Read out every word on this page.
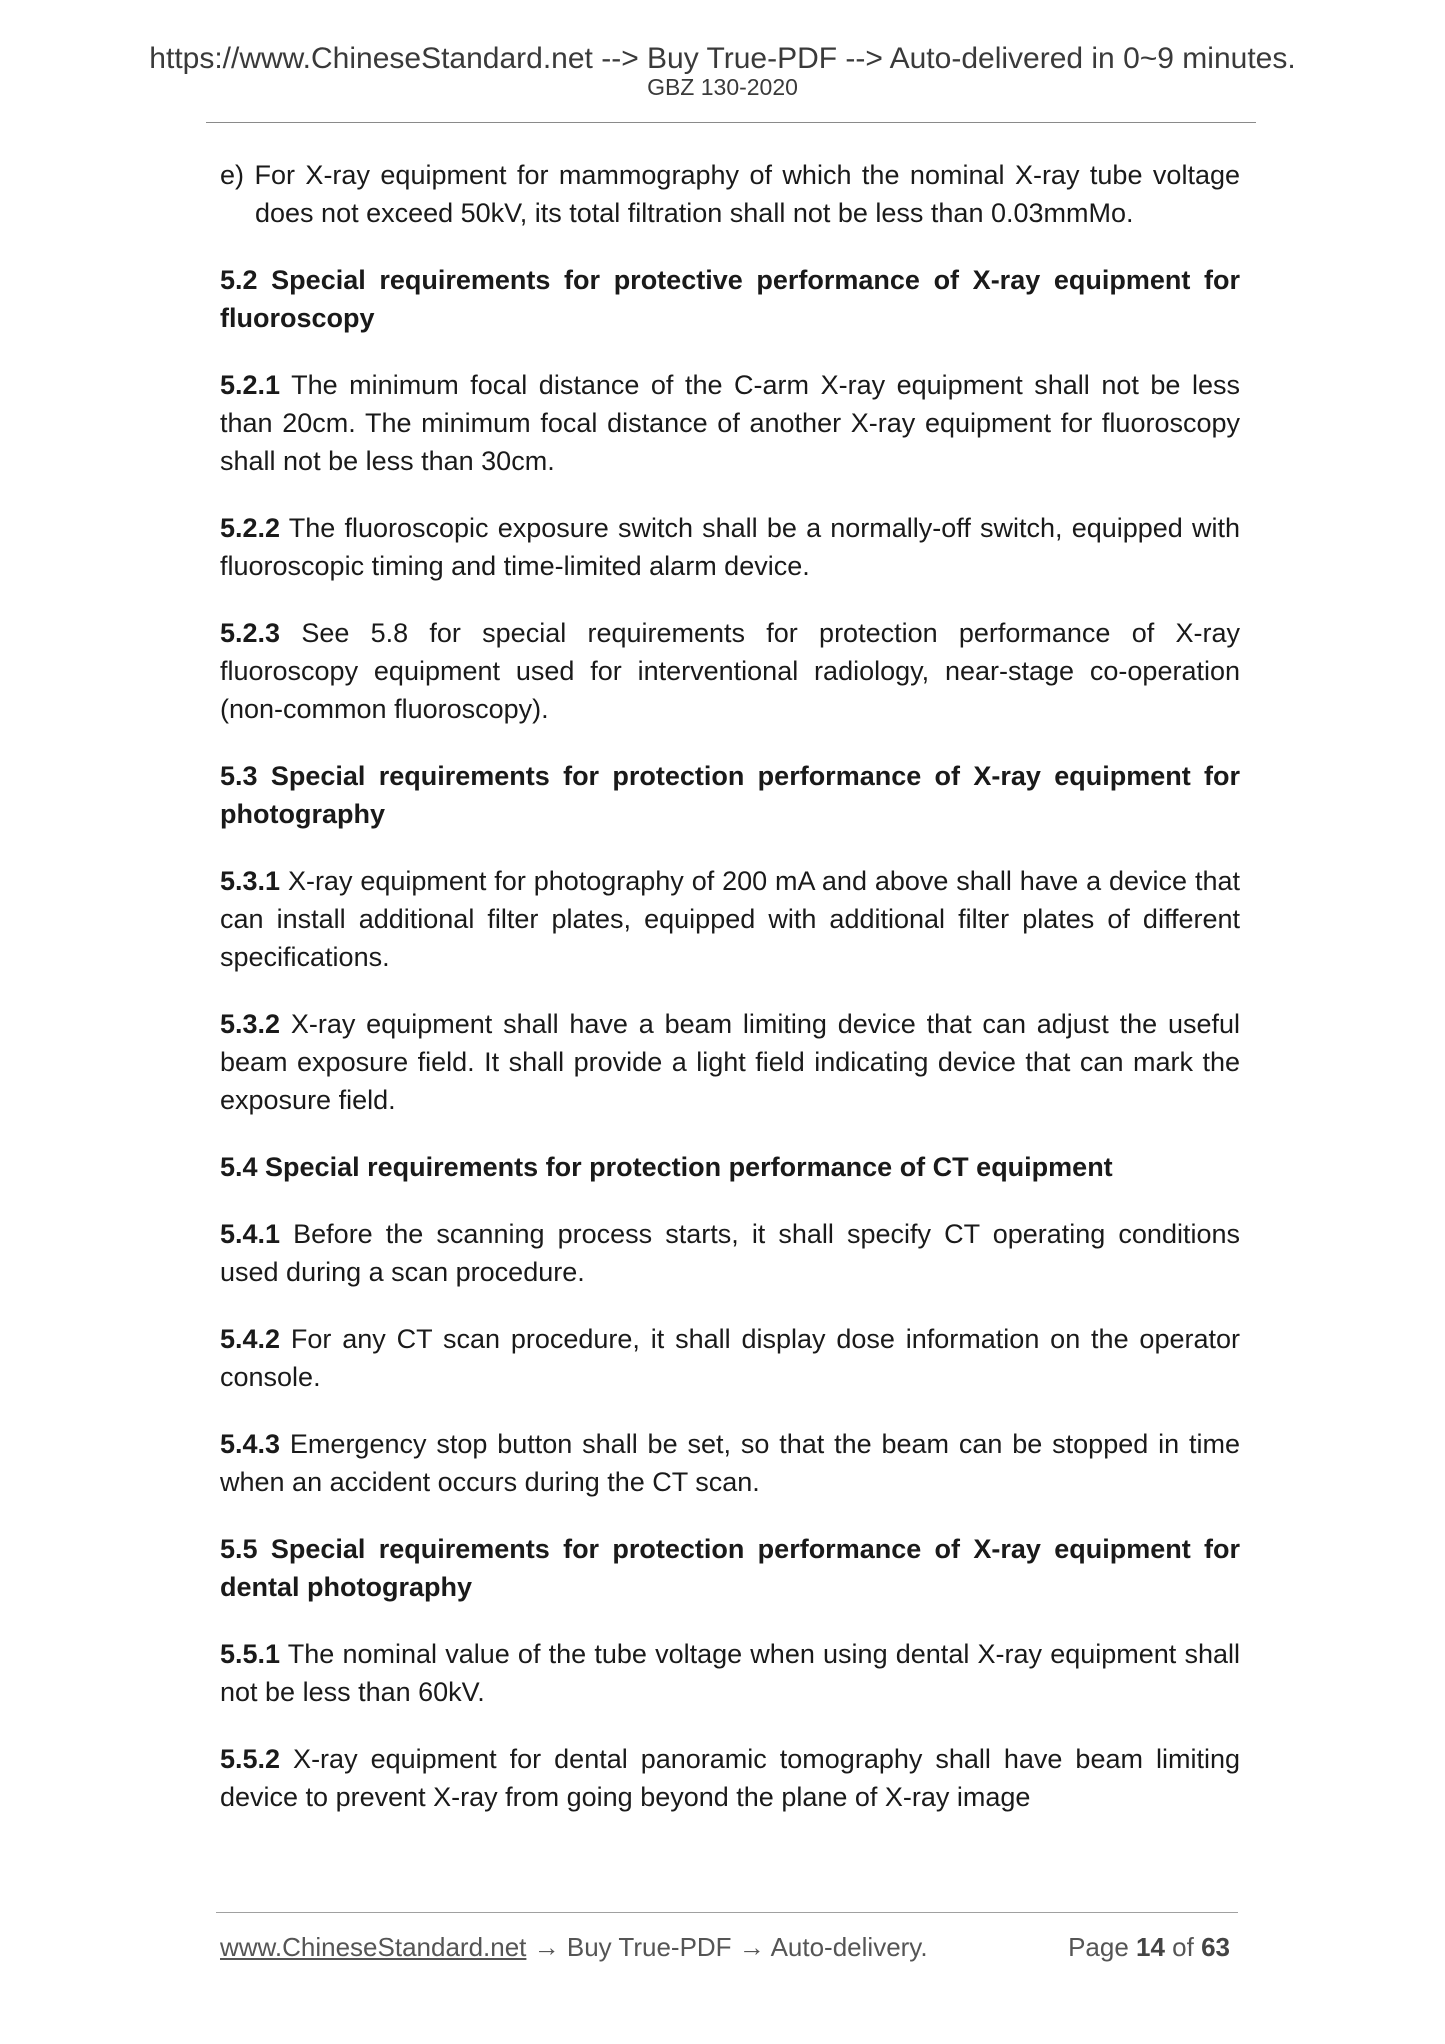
https://www.ChineseStandard.net --> Buy True-PDF --> Auto-delivered in 0~9 minutes.
GBZ 130-2020

e) For X-ray equipment for mammography of which the nominal X-ray tube voltage does not exceed 50kV, its total filtration shall not be less than 0.03mmMo.

5.2 Special requirements for protective performance of X-ray equipment for fluoroscopy

5.2.1 The minimum focal distance of the C-arm X-ray equipment shall not be less than 20cm. The minimum focal distance of another X-ray equipment for fluoroscopy shall not be less than 30cm.

5.2.2 The fluoroscopic exposure switch shall be a normally-off switch, equipped with fluoroscopic timing and time-limited alarm device.

5.2.3 See 5.8 for special requirements for protection performance of X-ray fluoroscopy equipment used for interventional radiology, near-stage co-operation (non-common fluoroscopy).

5.3 Special requirements for protection performance of X-ray equipment for photography

5.3.1 X-ray equipment for photography of 200 mA and above shall have a device that can install additional filter plates, equipped with additional filter plates of different specifications.

5.3.2 X-ray equipment shall have a beam limiting device that can adjust the useful beam exposure field. It shall provide a light field indicating device that can mark the exposure field.

5.4 Special requirements for protection performance of CT equipment

5.4.1 Before the scanning process starts, it shall specify CT operating conditions used during a scan procedure.

5.4.2 For any CT scan procedure, it shall display dose information on the operator console.

5.4.3 Emergency stop button shall be set, so that the beam can be stopped in time when an accident occurs during the CT scan.

5.5 Special requirements for protection performance of X-ray equipment for dental photography

5.5.1 The nominal value of the tube voltage when using dental X-ray equipment shall not be less than 60kV.

5.5.2 X-ray equipment for dental panoramic tomography shall have beam limiting device to prevent X-ray from going beyond the plane of X-ray image

www.ChineseStandard.net → Buy True-PDF → Auto-delivery.	Page 14 of 63
